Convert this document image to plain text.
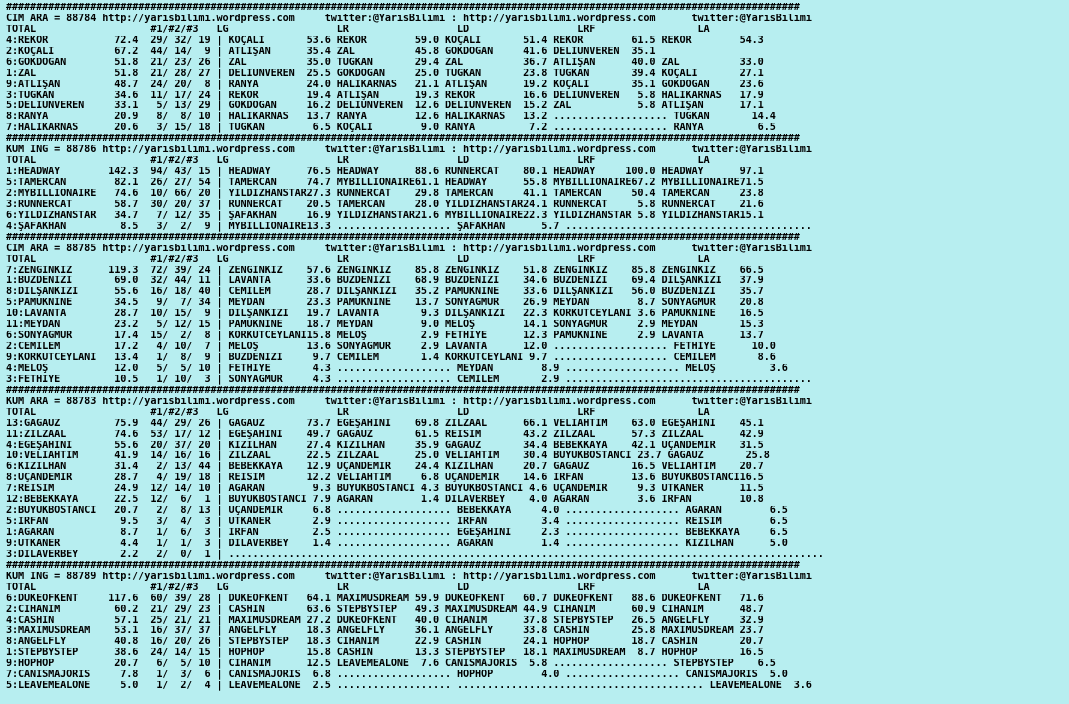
####################################################################################################################################
CIM ARA = 88784 http://yarisbilimi.wordpress.com     twitter:@YarisBilimi : http://yarisbilimi.wordpress.com      twitter:@YarisBilimi
TOTAL                   #1/#2/#3   LG                  LR                  LD                  LRF                 LA
4:REKOR           72.4  29/ 32/ 19 | KOÇALİ       53.6 REKOR        59.0 KOÇALİ       51.4 REKOR        61.5 REKOR        54.3
2:KOÇALİ          67.2  44/ 14/  9 | ATLIŞAN      35.4 ZAL          45.8 GÖKDOĞAN     41.6 DELİÜNVEREN  35.1
6:GÖKDOĞAN        51.8  21/ 23/ 26 | ZAL          35.0 TUĞKAN       29.4 ZAL          36.7 ATLIŞAN      40.0 ZAL          33.0
1:ZAL             51.8  21/ 28/ 27 | DELİÜNVEREN  25.5 GÖKDOĞAN     25.0 TUĞKAN       23.8 TUĞKAN       39.4 KOÇALİ       27.1
9:ATLIŞAN         48.7  24/ 20/  8 | RANYA        24.0 HALİKARNAS   21.1 ATLIŞAN      19.2 KOÇALİ       35.1 GÖKDOĞAN     23.6
3:TUĞKAN          34.6  11/ 17/ 24 | REKOR        19.4 ATLIŞAN      19.3 REKOR        16.6 DELİÜNVEREN   5.8 HALİKARNAS   17.9
5:DELİÜNVEREN     33.1   5/ 13/ 29 | GÖKDOĞAN     16.2 DELİÜNVEREN  12.6 DELİÜNVEREN  15.2 ZAL           5.8 ATLIŞAN      17.1
8:RANYA           20.9   8/  8/ 10 | HALİKARNAS   13.7 RANYA        12.6 HALİKARNAS   13.2 ................... TUĞKAN       14.4
7:HALİKARNAS      20.6   3/ 15/ 18 | TUĞKAN        6.5 KOÇALİ        9.0 RANYA         7.2 ................... RANYA         6.5
####################################################################################################################################
KUM ING = 88786 http://yarisbilimi.wordpress.com     twitter:@YarisBilimi : http://yarisbilimi.wordpress.com      twitter:@YarisBilimi
TOTAL                   #1/#2/#3   LG                  LR                  LD                  LRF                 LA
1:HEADWAY        142.3  94/ 43/ 15 | HEADWAY      76.5 HEADWAY      88.6 RUNNERCAT    80.1 HEADWAY     100.0 HEADWAY      97.1
5:TAMERCAN        82.1  26/ 27/ 54 | TAMERCAN     74.7 MYBILLIONAIRE61.1 HEADWAY      55.8 MYBILLIONAIRE67.2 MYBILLIONAIRE71.5
2:MYBILLIONAIRE   74.6  10/ 66/ 20 | YILDIZHANSTAR27.3 RUNNERCAT    29.8 TAMERCAN     41.1 TAMERCAN     50.4 TAMERCAN     23.8
3:RUNNERCAT       58.7  30/ 20/ 37 | RUNNERCAT    20.5 TAMERCAN     28.0 YILDIZHANSTAR24.1 RUNNERCAT     5.8 RUNNERCAT    21.6
6:YILDIZHANSTAR   34.7   7/ 12/ 35 | ŞAFAKHAN     16.9 YILDIZHANSTAR21.6 MYBILLIONAIRE22.3 YILDIZHANSTAR 5.8 YILDIZHANSTAR15.1
4:ŞAFAKHAN         8.5   3/  2/  9 | MYBILLIONAIRE13.3 ................... ŞAFAKHAN      5.7 .........................................
####################################################################################################################################
CIM ARA = 88785 http://yarisbilimi.wordpress.com     twitter:@YarisBilimi : http://yarisbilimi.wordpress.com      twitter:@YarisBilimi
TOTAL                   #1/#2/#3   LG                  LR                  LD                  LRF                 LA
7:ZENGİNKIZ      119.3  72/ 39/ 24 | ZENGİNKIZ    57.6 ZENGİNKIZ    85.8 ZENGİNKIZ    51.8 ZENGİNKIZ    85.8 ZENGİNKIZ    66.5
1:BUZDENİZİ       69.0  32/ 44/ 11 | LAVANTA      33.6 BUZDENİZİ    68.9 BUZDENİZİ    34.6 BUZDENİZİ    69.4 DİLŞANKIZI   37.9
8:DİLŞANKIZI      55.6  16/ 18/ 40 | CEMİLEM      28.7 DİLŞANKIZI   35.2 PAMUKNİNE    33.6 DİLŞANKIZI   56.0 BUZDENİZİ    35.7
5:PAMUKNİNE       34.5   9/  7/ 34 | MEYDAN       23.3 PAMUKNİNE    13.7 SONYAĞMUR    26.9 MEYDAN        8.7 SONYAĞMUR    20.8
10:LAVANTA        28.7  10/ 15/  9 | DİLŞANKIZI   19.7 LAVANTA       9.3 DİLŞANKIZI   22.3 KORKUTCEYLANI 3.6 PAMUKNİNE    16.5
11:MEYDAN         23.2   5/ 12/ 15 | PAMUKNİNE    18.7 MEYDAN        9.0 MELOŞ        14.1 SONYAĞMUR     2.9 MEYDAN       15.3
6:SONYAĞMUR       17.4  15/  2/  8 | KORKUTCEYLANI15.8 MELOŞ         2.9 FETHİYE      12.3 PAMUKNİNE     2.9 LAVANTA      13.7
2:CEMİLEM         17.2   4/ 10/  7 | MELOŞ        13.6 SONYAĞMUR     2.9 LAVANTA      12.0 ................... FETHİYE      10.0
9:KORKUTCEYLANI   13.4   1/  8/  9 | BUZDENİZİ     9.7 CEMİLEM       1.4 KORKUTCEYLANI 9.7 ................... CEMİLEM       8.6
4:MELOŞ           12.0   5/  5/ 10 | FETHİYE       4.3 ................... MEYDAN        8.9 ................... MELOŞ         3.6
3:FETHİYE         10.5   1/ 10/  3 | SONYAĞMUR     4.3 ................... CEMİLEM       2.9 .........................................
####################################################################################################################################
KUM ARA = 88783 http://yarisbilimi.wordpress.com     twitter:@YarisBilimi : http://yarisbilimi.wordpress.com      twitter:@YarisBilimi
TOTAL                   #1/#2/#3   LG                  LR                  LD                  LRF                 LA
13:GAGAUZ         75.9  44/ 29/ 26 | GAGAUZ       73.7 EGEŞAHİNİ    69.8 ZİLZAAL      66.1 VELİAHTIM    63.0 EGEŞAHİNİ    45.1
11:ZİLZAAL        74.6  53/ 17/ 12 | EGEŞAHİNİ    49.7 GAGAUZ       61.5 REİSİM       43.2 ZİLZAAL      57.3 ZİLZAAL      42.9
4:EGEŞAHİNİ       55.6  20/ 37/ 20 | KIZILHAN     27.4 KIZILHAN     35.9 GAGAUZ       34.4 BEBEKKAYA    42.1 UÇANDEMİR    31.5
10:VELİAHTIM      41.9  14/ 16/ 16 | ZİLZAAL      22.5 ZİLZAAL      25.0 VELİAHTIM    30.4 BÜYÜKBOSTANCI 23.7 GAGAUZ       25.8
6:KIZILHAN        31.4   2/ 13/ 44 | BEBEKKAYA    12.9 UÇANDEMİR    24.4 KIZILHAN     20.7 GAGAUZ       16.5 VELİAHTIM    20.7
8:UÇANDEMİR       28.7   4/ 19/ 18 | REİSİM       12.2 VELİAHTIM     6.8 UÇANDEMİR    14.6 İRFAN        13.6 BÜYÜKBOSTANCI16.5
7:REİSİM          24.9  12/ 14/ 10 | AĞARAN        9.3 BÜYÜKBOSTANCI 4.3 BÜYÜKBOSTANCI 4.6 UÇANDEMİR     9.3 UTKANER      11.5
12:BEBEKKAYA      22.5  12/  6/  1 | BÜYÜKBOSTANCI 7.9 AĞARAN        1.4 DİLAVERBEY    4.0 AĞARAN        3.6 İRFAN        10.8
2:BÜYÜKBOSTANCI   20.7   2/  8/ 13 | UÇANDEMİR     6.8 ................... BEBEKKAYA     4.0 ................... AĞARAN        6.5
5:İRFAN            9.5   3/  4/  3 | UTKANER       2.9 ................... İRFAN         3.4 ................... REİSİM        6.5
1:AĞARAN           8.7   1/  6/  3 | İRFAN         2.5 ................... EGEŞAHİNİ     2.3 ................... BEBEKKAYA     6.5
9:UTKANER          4.4   1/  1/  3 | DİLAVERBEY    1.4 ................... AĞARAN        1.4 ................... KIZILHAN      5.0
3:DİLAVERBEY       2.2   2/  0/  1 | ...................................................................................................
####################################################################################################################################
KUM ING = 88789 http://yarisbilimi.wordpress.com     twitter:@YarisBilimi : http://yarisbilimi.wordpress.com      twitter:@YarisBilimi
TOTAL                   #1/#2/#3   LG                  LR                  LD                  LRF                 LA
6:DUKEOFKENT     117.6  60/ 39/ 28 | DUKEOFKENT   64.1 MAXIMUSDREAM 59.9 DUKEOFKENT   60.7 DUKEOFKENT   88.6 DUKEOFKENT   71.6
2:CİHANIM         60.2  21/ 29/ 23 | CASHIN       63.6 STEPBYSTEP   49.3 MAXIMUSDREAM 44.9 CİHANIM      60.9 CİHANIM      48.7
4:CASHIN          57.1  25/ 21/ 21 | MAXIMUSDREAM 27.2 DUKEOFKENT   40.0 CİHANIM      37.8 STEPBYSTEP   26.5 ANGELFLY     32.9
3:MAXIMUSDREAM    53.1  16/ 37/ 37 | ANGELFLY     18.3 ANGELFLY     36.1 ANGELFLY     33.8 CASHIN       25.8 MAXIMUSDREAM 23.7
8:ANGELFLY        40.8  16/ 20/ 26 | STEPBYSTEP   18.3 CİHANIM      22.9 CASHIN       24.1 HOPHOP       18.7 CASHIN       20.7
1:STEPBYSTEP      38.6  24/ 14/ 15 | HOPHOP       15.8 CASHIN       13.3 STEPBYSTEP   18.1 MAXIMUSDREAM  8.7 HOPHOP       16.5
9:HOPHOP          20.7   6/  5/ 10 | CİHANIM      12.5 LEAVEMEALONE  7.6 CANISMAJORIS  5.8 ................... STEPBYSTEP    6.5
7:CANISMAJORIS     7.8   1/  3/  6 | CANISMAJORIS  6.8 ................... HOPHOP        4.0 ................... CANISMAJORIS  5.0
5:LEAVEMEALONE     5.0   1/  2/  4 | LEAVEMEALONE  2.5 ................... ......................................... LEAVEMEALONE  3.6
